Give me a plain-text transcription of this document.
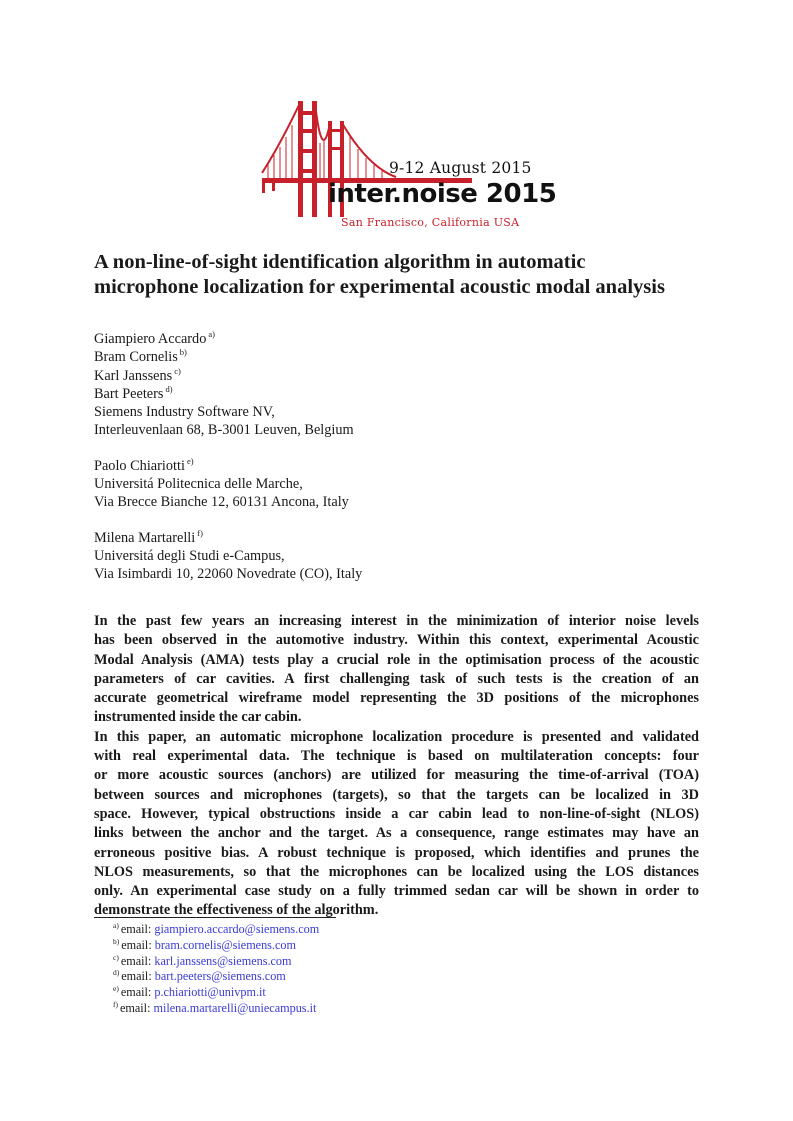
9-12 August 2015
inter.noise 2015
San Francisco, California USA
A non-line-of-sight identification algorithm in automatic
microphone localization for experimental acoustic modal analysis
Giampiero Accardo $^{a)}$
Bram Cornelis $^{b)}$
Karl Janssens $^{c)}$
Bart Peeters $^{d)}$
Siemens Industry Software NV,
Interleuvenlaan 68, B-3001 Leuven, Belgium
Paolo Chiariotti $^{e)}$
Universitá Politecnica delle Marche,
Via Brecce Bianche 12, 60131 Ancona, Italy
Milena Martarelli $^{f)}$
Universitá degli Studi e-Campus,
Via Isimbardi 10, 22060 Novedrate (CO), Italy
In the past few years an increasing interest in the minimization of interior noise levels
has been observed in the automotive industry. Within this context, experimental Acoustic
Modal Analysis (AMA) tests play a crucial role in the optimisation process of the acoustic
parameters of car cavities. A first challenging task of such tests is the creation of an
accurate geometrical wireframe model representing the 3D positions of the microphones
instrumented inside the car cabin.
In this paper, an automatic microphone localization procedure is presented and validated
with real experimental data. The technique is based on multilateration concepts: four
or more acoustic sources (anchors) are utilized for measuring the time-of-arrival (TOA)
between sources and microphones (targets), so that the targets can be localized in 3D
space. However, typical obstructions inside a car cabin lead to non-line-of-sight (NLOS)
links between the anchor and the target. As a consequence, range estimates may have an
erroneous positive bias. A robust technique is proposed, which identifies and prunes the
NLOS measurements, so that the microphones can be localized using the LOS distances
only. An experimental case study on a fully trimmed sedan car will be shown in order to
demonstrate the effectiveness of the algorithm.
$^{a)}$ email: giampiero.accardo@siemens.com
$^{b)}$ email: bram.cornelis@siemens.com
$^{c)}$ email: karl.janssens@siemens.com
$^{d)}$ email: bart.peeters@siemens.com
$^{e)}$ email: p.chiariotti@univpm.it
$^{f)}$ email: milena.martarelli@uniecampus.it
